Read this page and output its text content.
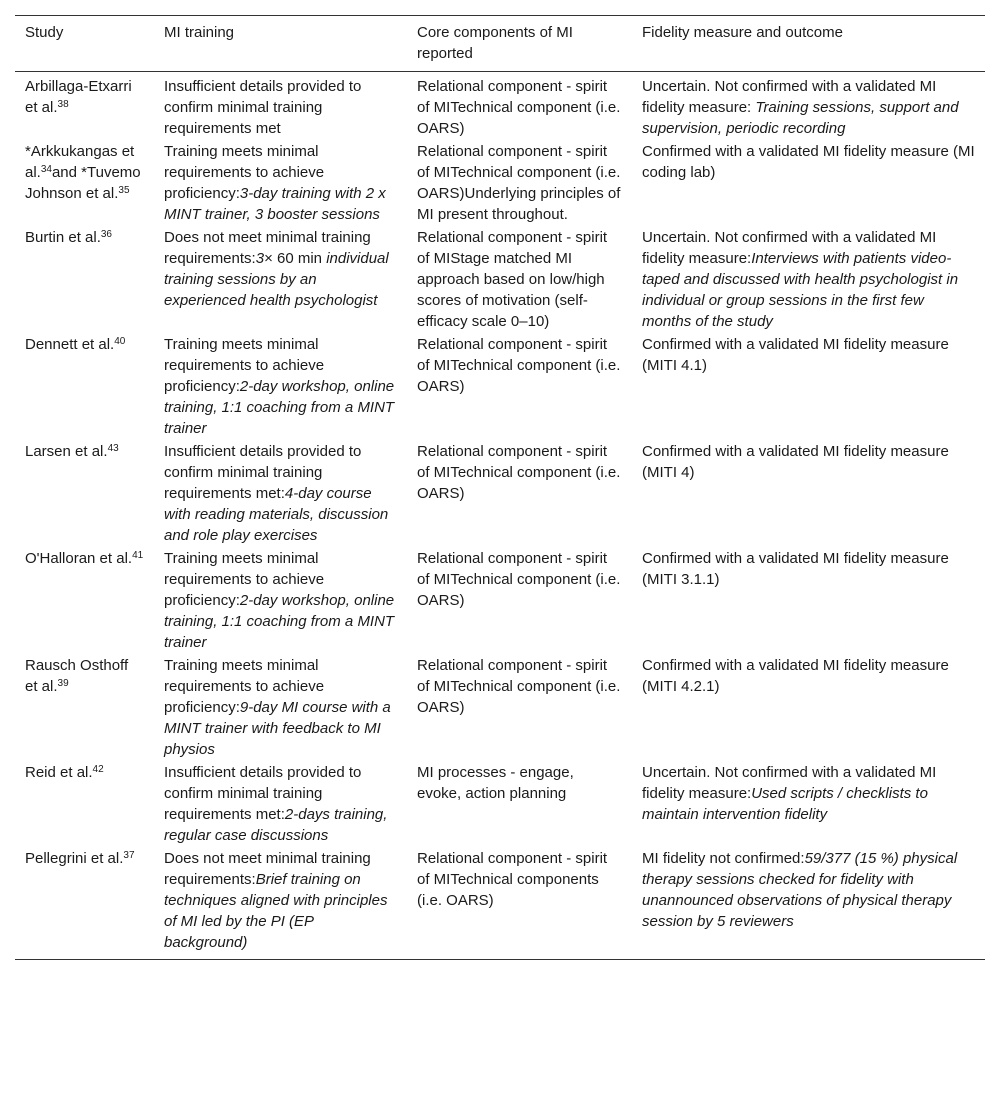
Study	MI training	Core components of MI reported	Fidelity measure and outcome
Arbillaga-Etxarri et al.$^{38}$	Insufficient details provided to confirm minimal training requirements met	Relational component - spirit of MITechnical component (i.e. OARS)	Uncertain. Not confirmed with a validated MI fidelity measure: Training sessions, support and supervision, periodic recording
*Arkkukangas et al.$^{34}$and *Tuvemo Johnson et al.$^{35}$	Training meets minimal requirements to achieve proficiency:3-day training with 2 x MINT trainer, 3 booster sessions	Relational component - spirit of MITechnical component (i.e. OARS)Underlying principles of MI present throughout.	Confirmed with a validated MI fidelity measure (MI coding lab)
Burtin et al.$^{36}$	Does not meet minimal training requirements:3× 60 min individual training sessions by an experienced health psychologist	Relational component - spirit of MIStage matched MI approach based on low/high scores of motivation (self-efficacy scale 0–10)	Uncertain. Not confirmed with a validated MI fidelity measure:Interviews with patients video-taped and discussed with health psychologist in individual or group sessions in the first few months of the study
Dennett et al.$^{40}$	Training meets minimal requirements to achieve proficiency:2-day workshop, online training, 1:1 coaching from a MINT trainer	Relational component - spirit of MITechnical component (i.e. OARS)	Confirmed with a validated MI fidelity measure (MITI 4.1)
Larsen et al.$^{43}$	Insufficient details provided to confirm minimal training requirements met:4-day course with reading materials, discussion and role play exercises	Relational component - spirit of MITechnical component (i.e. OARS)	Confirmed with a validated MI fidelity measure (MITI 4)
O'Halloran et al.$^{41}$	Training meets minimal requirements to achieve proficiency:2-day workshop, online training, 1:1 coaching from a MINT trainer	Relational component - spirit of MITechnical component (i.e. OARS)	Confirmed with a validated MI fidelity measure (MITI 3.1.1)
Rausch Osthoff et al.$^{39}$	Training meets minimal requirements to achieve proficiency:9-day MI course with a MINT trainer with feedback to MI physios	Relational component - spirit of MITechnical component (i.e. OARS)	Confirmed with a validated MI fidelity measure (MITI 4.2.1)
Reid et al.$^{42}$	Insufficient details provided to confirm minimal training requirements met:2-days training, regular case discussions	MI processes - engage, evoke, action planning	Uncertain. Not confirmed with a validated MI fidelity measure:Used scripts / checklists to maintain intervention fidelity
Pellegrini et al.$^{37}$	Does not meet minimal training requirements:Brief training on techniques aligned with principles of MI led by the PI (EP background)	Relational component - spirit of MITechnical components (i.e. OARS)	MI fidelity not confirmed:59/377 (15 %) physical therapy sessions checked for fidelity with unannounced observations of physical therapy session by 5 reviewers
